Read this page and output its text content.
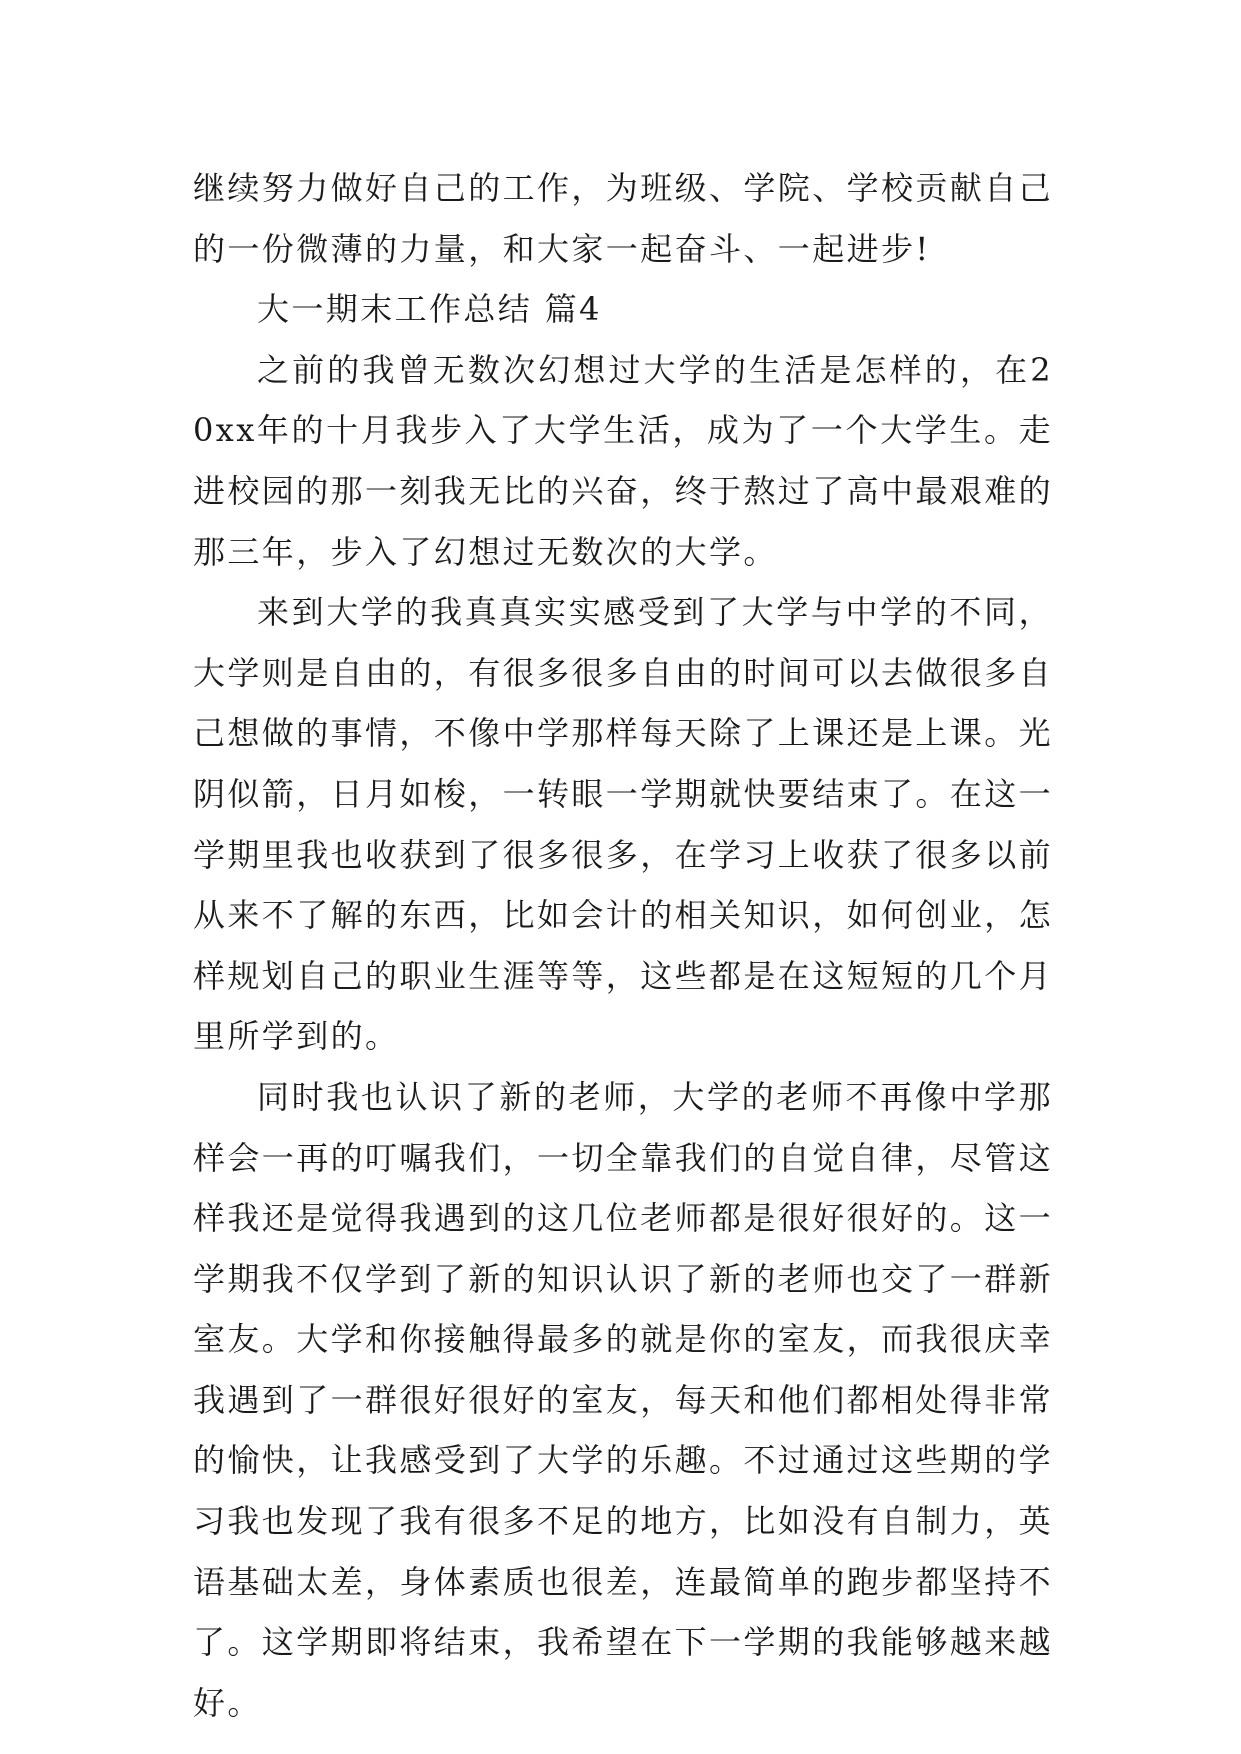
继续努力做好自己的工作，为班级、学院、学校贡献自己的一份微薄的力量，和大家一起奋斗、一起进步!

大一期末工作总结 篇4

之前的我曾无数次幻想过大学的生活是怎样的，在20xx年的十月我步入了大学生活，成为了一个大学生。走进校园的那一刻我无比的兴奋，终于熬过了高中最艰难的那三年，步入了幻想过无数次的大学。

来到大学的我真真实实感受到了大学与中学的不同，大学则是自由的，有很多很多自由的时间可以去做很多自己想做的事情，不像中学那样每天除了上课还是上课。光阴似箭，日月如梭，一转眼一学期就快要结束了。在这一学期里我也收获到了很多很多，在学习上收获了很多以前从来不了解的东西，比如会计的相关知识，如何创业，怎样规划自己的职业生涯等等，这些都是在这短短的几个月里所学到的。

同时我也认识了新的老师，大学的老师不再像中学那样会一再的叮嘱我们，一切全靠我们的自觉自律，尽管这样我还是觉得我遇到的这几位老师都是很好很好的。这一学期我不仅学到了新的知识认识了新的老师也交了一群新室友。大学和你接触得最多的就是你的室友，而我很庆幸我遇到了一群很好很好的室友，每天和他们都相处得非常的愉快，让我感受到了大学的乐趣。不过通过这些期的学习我也发现了我有很多不足的地方，比如没有自制力，英语基础太差，身体素质也很差，连最简单的跑步都坚持不了。这学期即将结束，我希望在下一学期的我能够越来越好。
